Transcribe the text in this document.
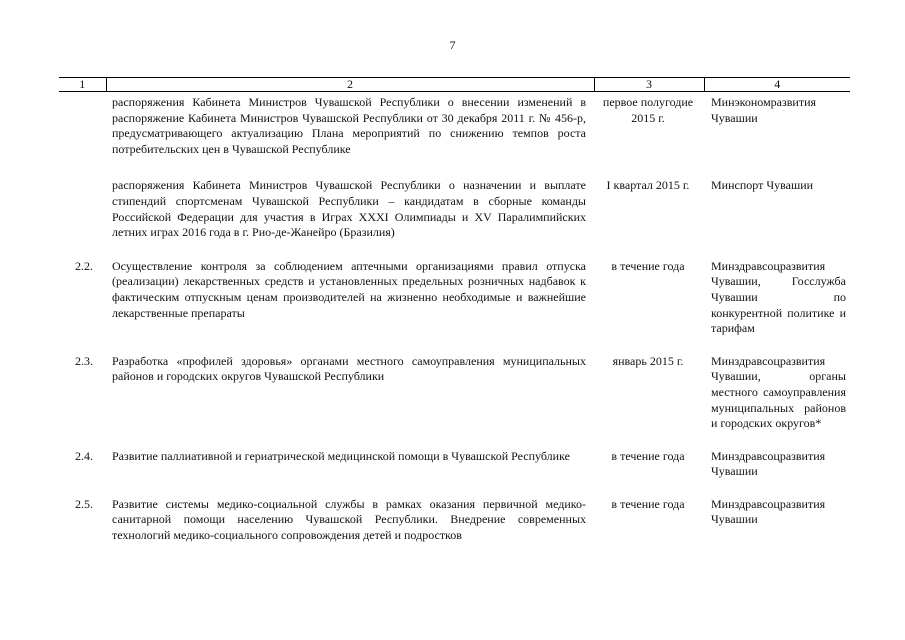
7
1	2	3	4
	распоряжения Кабинета Министров Чувашской Республики о внесении изменений в распоряжение Кабинета Министров Чувашской Республики от 30 декабря 2011 г. № 456-р, предусматривающего актуализацию Плана мероприятий по снижению темпов роста потребительских цен в Чувашской Республике	первое полугодие 2015 г.	Минэкономразвития Чувашии
	распоряжения Кабинета Министров Чувашской Республики о назначении и выплате стипендий спортсменам Чувашской Республики – кандидатам в сборные команды Российской Федерации для участия в Играх XXXI Олимпиады и XV Паралимпийских летних играх 2016 года в г. Рио-де-Жанейро (Бразилия)	I квартал 2015 г.	Минспорт Чувашии
2.2.	Осуществление контроля за соблюдением аптечными организациями правил отпуска (реализации) лекарственных средств и установленных предельных розничных надбавок к фактическим отпускным ценам производителей на жизненно необходимые и важнейшие лекарственные препараты	в течение года	Минздравсоцразвития Чувашии, Госслужба Чувашии по конкурентной политике и тарифам
2.3.	Разработка «профилей здоровья» органами местного самоуправления муниципальных районов и городских округов Чувашской Республики	январь 2015 г.	Минздравсоцразвития Чувашии, органы местного самоуправления муниципальных районов и городских округов*
2.4.	Развитие паллиативной и гериатрической медицинской помощи в Чувашской Республике	в течение года	Минздравсоцразвития Чувашии
2.5.	Развитие системы медико-социальной службы в рамках оказания первичной медико-санитарной помощи населению Чувашской Республики. Внедрение современных технологий медико-социального сопровождения детей и подростков	в течение года	Минздравсоцразвития Чувашии
